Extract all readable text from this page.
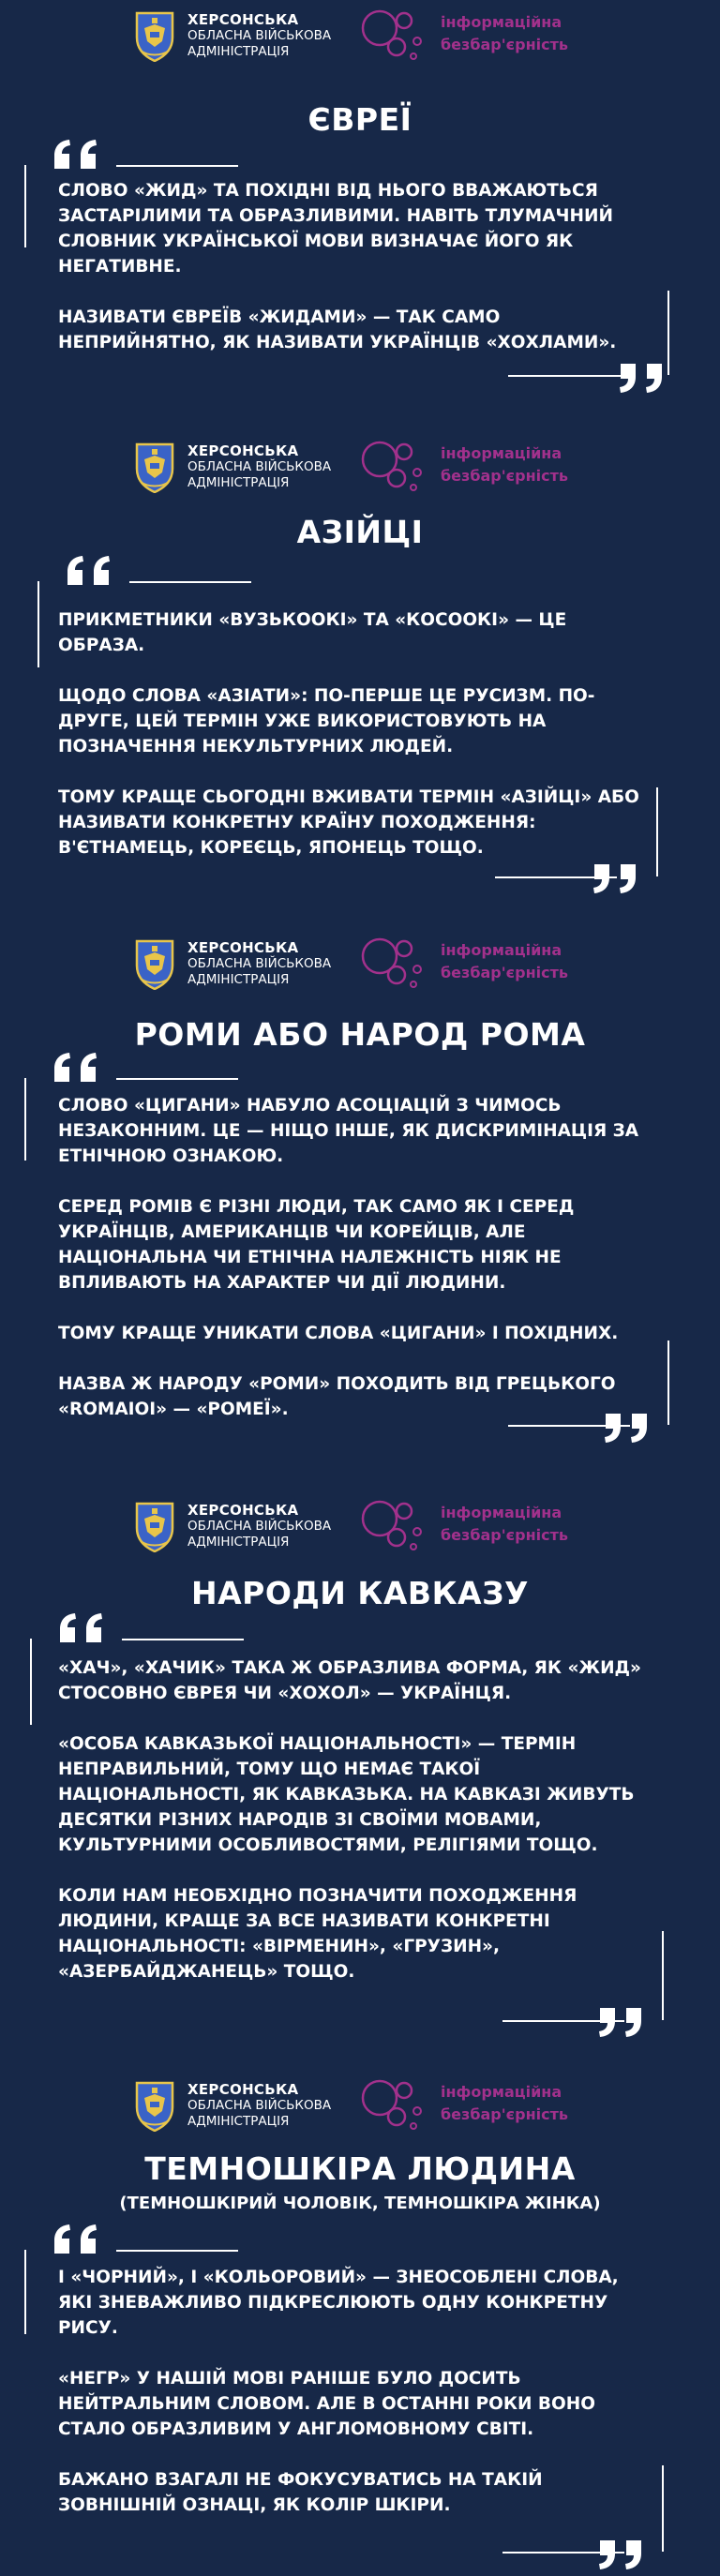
ХЕРСОНСЬКА
ОБЛАСНА ВІЙСЬКОВА
АДМІНІСТРАЦІЯ
інформаційна
безбар'єрність
ЄВРЕЇ

СЛОВО «ЖИД» ТА ПОХІДНІ ВІД НЬОГО ВВАЖАЮТЬСЯ ЗАСТАРІЛИМИ ТА ОБРАЗЛИВИМИ. НАВІТЬ ТЛУМАЧНИЙ СЛОВНИК УКРАЇНСЬКОЇ МОВИ ВИЗНАЧАЄ ЙОГО ЯК НЕГАТИВНЕ.

НАЗИВАТИ ЄВРЕЇВ «ЖИДАМИ» — ТАК САМО НЕПРИЙНЯТНО, ЯК НАЗИВАТИ УКРАЇНЦІВ «ХОХЛАМИ».

ХЕРСОНСЬКА
ОБЛАСНА ВІЙСЬКОВА
АДМІНІСТРАЦІЯ
інформаційна
безбар'єрність
АЗІЙЦІ

ПРИКМЕТНИКИ «ВУЗЬКООКІ» ТА «КОСООКІ» — ЦЕ ОБРАЗА.

ЩОДО СЛОВА «АЗІАТИ»: ПО-ПЕРШЕ ЦЕ РУСИЗМ. ПО-ДРУГЕ, ЦЕЙ ТЕРМІН УЖЕ ВИКОРИСТОВУЮТЬ НА ПОЗНАЧЕННЯ НЕКУЛЬТУРНИХ ЛЮДЕЙ.

ТОМУ КРАЩЕ СЬОГОДНІ ВЖИВАТИ ТЕРМІН «АЗІЙЦІ» АБО НАЗИВАТИ КОНКРЕТНУ КРАЇНУ ПОХОДЖЕННЯ: В'ЄТНАМЕЦЬ, КОРЕЄЦЬ, ЯПОНЕЦЬ ТОЩО.

ХЕРСОНСЬКА
ОБЛАСНА ВІЙСЬКОВА
АДМІНІСТРАЦІЯ
інформаційна
безбар'єрність
РОМИ АБО НАРОД РОМА

СЛОВО «ЦИГАНИ» НАБУЛО АСОЦІАЦІЙ З ЧИМОСЬ НЕЗАКОННИМ. ЦЕ — НІЩО ІНШЕ, ЯК ДИСКРИМІНАЦІЯ ЗА ЕТНІЧНОЮ ОЗНАКОЮ.

СЕРЕД РОМІВ Є РІЗНІ ЛЮДИ, ТАК САМО ЯК І СЕРЕД УКРАЇНЦІВ, АМЕРИКАНЦІВ ЧИ КОРЕЙЦІВ, АЛЕ НАЦІОНАЛЬНА ЧИ ЕТНІЧНА НАЛЕЖНІСТЬ НІЯК НЕ ВПЛИВАЮТЬ НА ХАРАКТЕР ЧИ ДІЇ ЛЮДИНИ.

ТОМУ КРАЩЕ УНИКАТИ СЛОВА «ЦИГАНИ» І ПОХІДНИХ.

НАЗВА Ж НАРОДУ «РОМИ» ПОХОДИТЬ ВІД ГРЕЦЬКОГО «ROMAIOI» — «РОМЕЇ».

ХЕРСОНСЬКА
ОБЛАСНА ВІЙСЬКОВА
АДМІНІСТРАЦІЯ
інформаційна
безбар'єрність
НАРОДИ КАВКАЗУ

«ХАЧ», «ХАЧИК» ТАКА Ж ОБРАЗЛИВА ФОРМА, ЯК «ЖИД» СТОСОВНО ЄВРЕЯ ЧИ «ХОХОЛ» — УКРАЇНЦЯ.

«ОСОБА КАВКАЗЬКОЇ НАЦІОНАЛЬНОСТІ» — ТЕРМІН НЕПРАВИЛЬНИЙ, ТОМУ ЩО НЕМАЄ ТАКОЇ НАЦІОНАЛЬНОСТІ, ЯК КАВКАЗЬКА. НА КАВКАЗІ ЖИВУТЬ ДЕСЯТКИ РІЗНИХ НАРОДІВ ЗІ СВОЇМИ МОВАМИ, КУЛЬТУРНИМИ ОСОБЛИВОСТЯМИ, РЕЛІГІЯМИ ТОЩО.

КОЛИ НАМ НЕОБХІДНО ПОЗНАЧИТИ ПОХОДЖЕННЯ ЛЮДИНИ, КРАЩЕ ЗА ВСЕ НАЗИВАТИ КОНКРЕТНІ НАЦІОНАЛЬНОСТІ: «ВІРМЕНИН», «ГРУЗИН», «АЗЕРБАЙДЖАНЕЦЬ» ТОЩО.

ХЕРСОНСЬКА
ОБЛАСНА ВІЙСЬКОВА
АДМІНІСТРАЦІЯ
інформаційна
безбар'єрність
ТЕМНОШКІРА ЛЮДИНА
(ТЕМНОШКІРИЙ ЧОЛОВІК, ТЕМНОШКІРА ЖІНКА)

І «ЧОРНИЙ», І «КОЛЬОРОВИЙ» — ЗНЕОСОБЛЕНІ СЛОВА, ЯКІ ЗНЕВАЖЛИВО ПІДКРЕСЛЮЮТЬ ОДНУ КОНКРЕТНУ РИСУ.

«НЕГР» У НАШІЙ МОВІ РАНІШЕ БУЛО ДОСИТЬ НЕЙТРАЛЬНИМ СЛОВОМ. АЛЕ В ОСТАННІ РОКИ ВОНО СТАЛО ОБРАЗЛИВИМ У АНГЛОМОВНОМУ СВІТІ.

БАЖАНО ВЗАГАЛІ НЕ ФОКУСУВАТИСЬ НА ТАКІЙ ЗОВНІШНІЙ ОЗНАЦІ, ЯК КОЛІР ШКІРИ.
